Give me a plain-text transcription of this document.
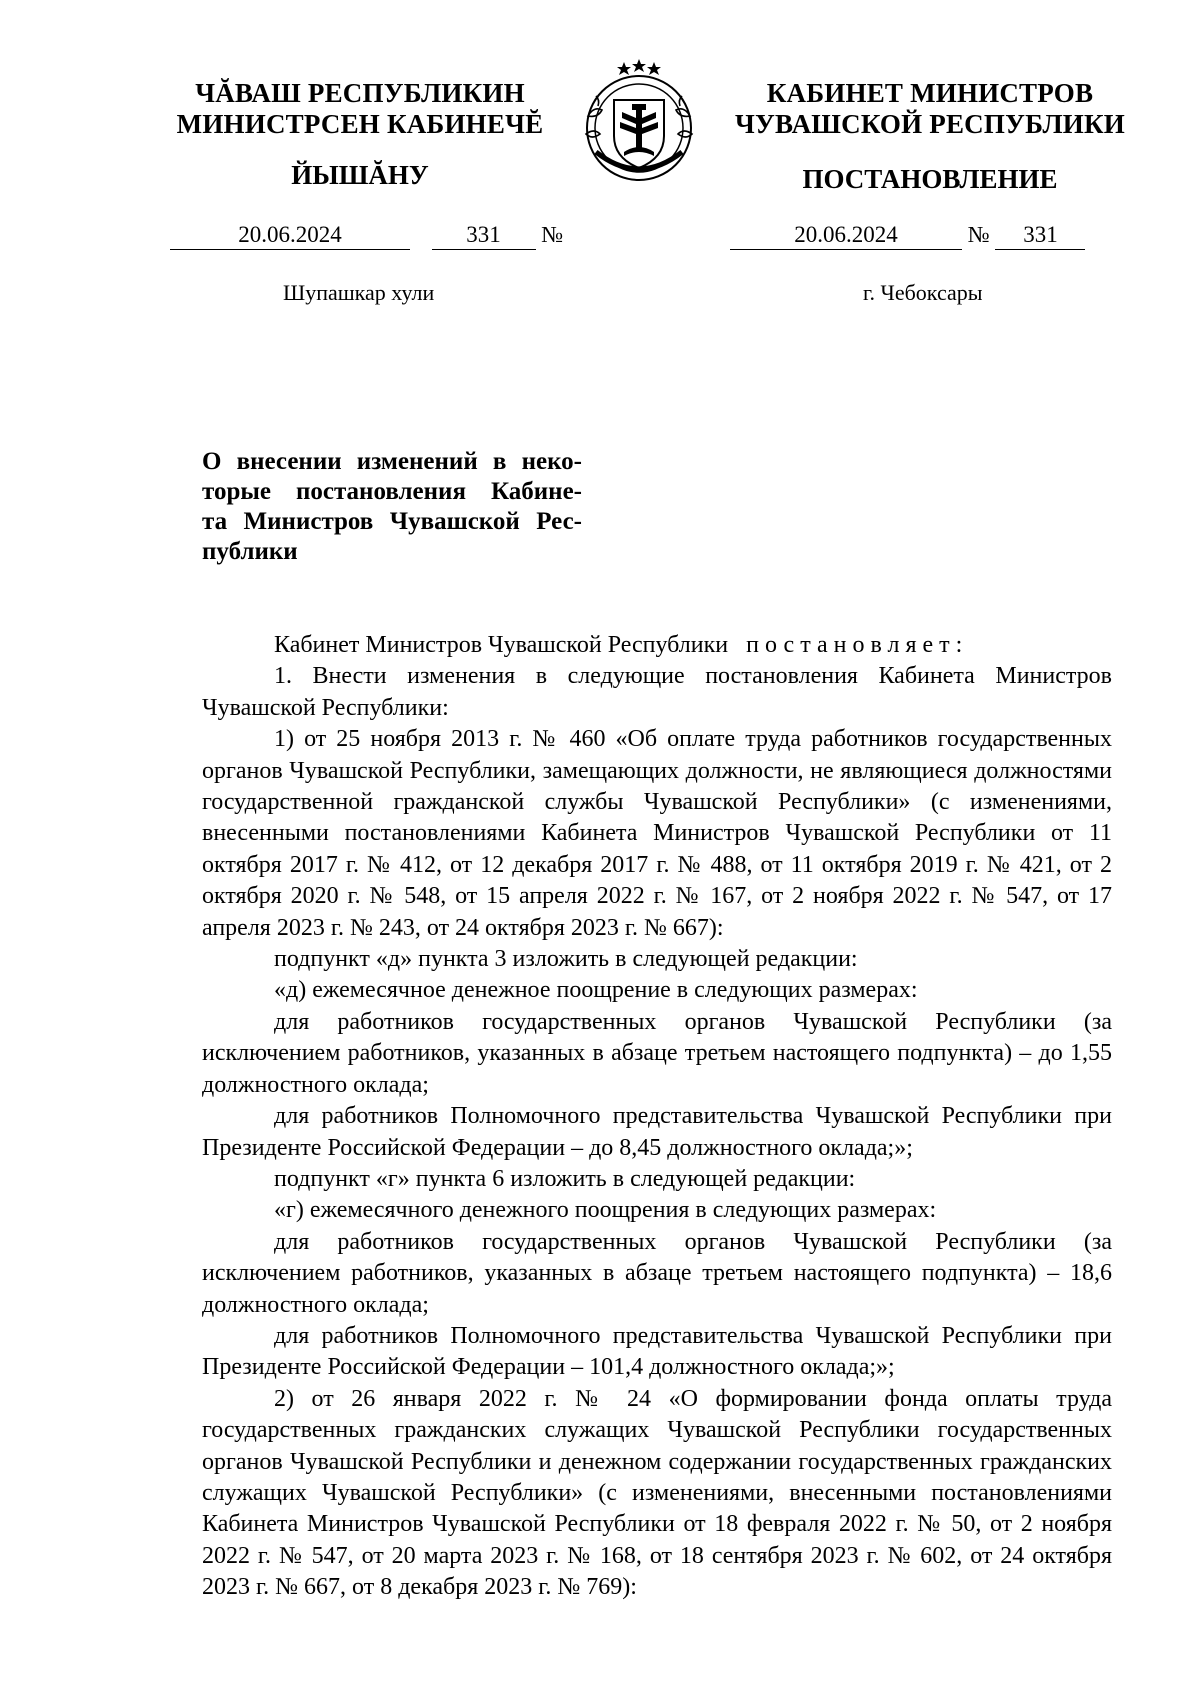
ЧĂВАШ РЕСПУБЛИКИН
МИНИСТРСЕН КАБИНЕЧĔ
ЙЫШĂНУ
КАБИНЕТ МИНИСТРОВ
ЧУВАШСКОЙ РЕСПУБЛИКИ
ПОСТАНОВЛЕНИЕ
20.06.2024	331 №	20.06.2024	№ 331
Шупашкар хули	г. Чебоксары
О внесении изменений в неко-
торые постановления Кабине-
та Министров Чувашской Рес-
публики

Кабинет Министров Чувашской Республики постановляет:

1. Внести изменения в следующие постановления Кабинета Министров Чувашской Республики:

1) от 25 ноября 2013 г. № 460 «Об оплате труда работников государственных органов Чувашской Республики, замещающих должности, не являющиеся должностями государственной гражданской службы Чувашской Республики» (с изменениями, внесенными постановлениями Кабинета Министров Чувашской Республики от 11 октября 2017 г. № 412, от 12 декабря 2017 г. № 488, от 11 октября 2019 г. № 421, от 2 октября 2020 г. № 548, от 15 апреля 2022 г. № 167, от 2 ноября 2022 г. № 547, от 17 апреля 2023 г. № 243, от 24 октября 2023 г. № 667):

подпункт «д» пункта 3 изложить в следующей редакции:

«д) ежемесячное денежное поощрение в следующих размерах:

для работников государственных органов Чувашской Республики (за исключением работников, указанных в абзаце третьем настоящего подпункта) – до 1,55 должностного оклада;

для работников Полномочного представительства Чувашской Республики при Президенте Российской Федерации – до 8,45 должностного оклада;»;

подпункт «г» пункта 6 изложить в следующей редакции:

«г) ежемесячного денежного поощрения в следующих размерах:

для работников государственных органов Чувашской Республики (за исключением работников, указанных в абзаце третьем настоящего подпункта) – 18,6 должностного оклада;

для работников Полномочного представительства Чувашской Республики при Президенте Российской Федерации – 101,4 должностного оклада;»;

2) от 26 января 2022 г. № 24 «О формировании фонда оплаты труда государственных гражданских служащих Чувашской Республики государственных органов Чувашской Республики и денежном содержании государственных гражданских служащих Чувашской Республики» (с изменениями, внесенными постановлениями Кабинета Министров Чувашской Республики от 18 февраля 2022 г. № 50, от 2 ноября 2022 г. № 547, от 20 марта 2023 г. № 168, от 18 сентября 2023 г. № 602, от 24 октября 2023 г. № 667, от 8 декабря 2023 г. № 769):
